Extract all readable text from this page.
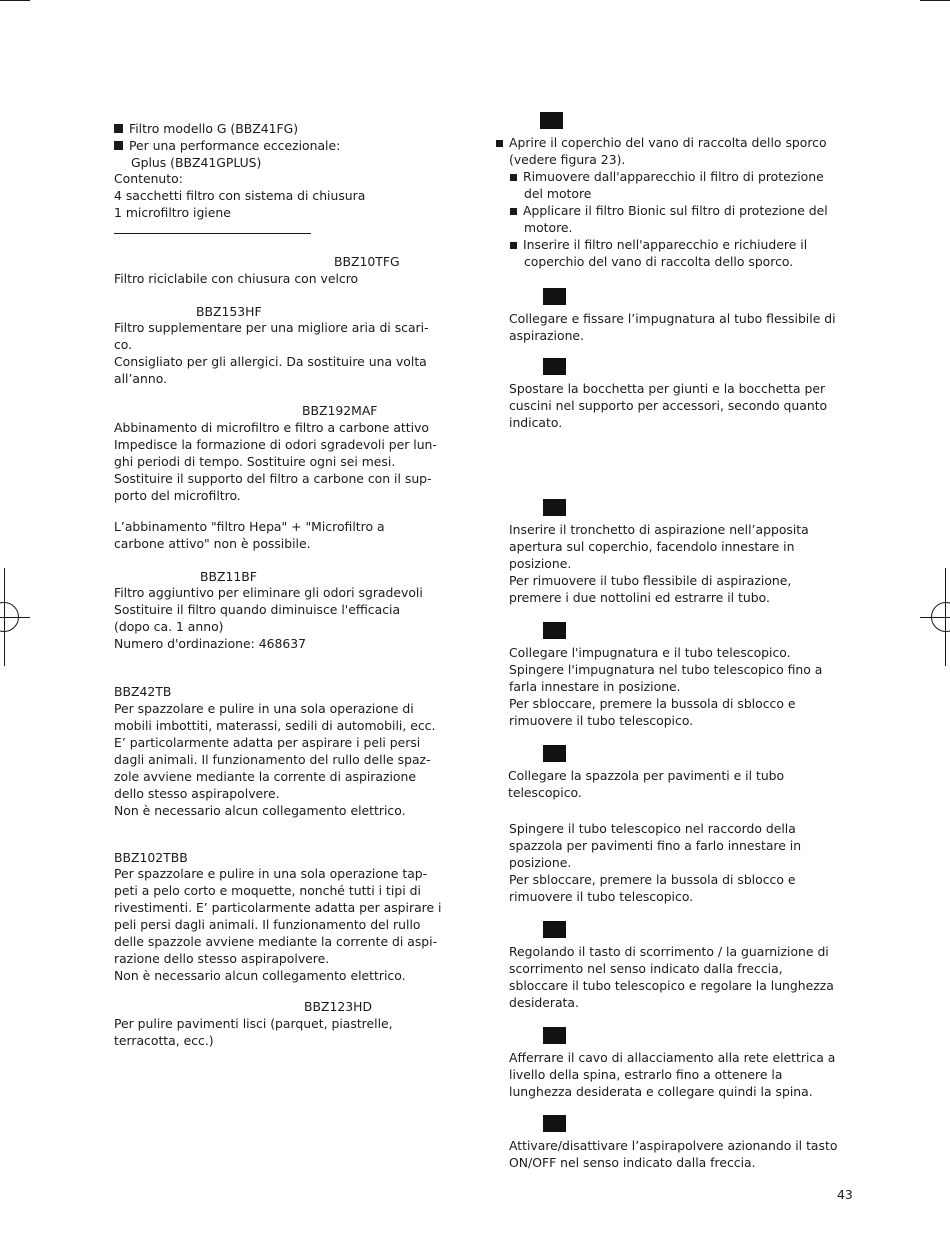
Filtro modello G (BBZ41FG)
Per una performance eccezionale:
Gplus (BBZ41GPLUS)
Contenuto:
4 sacchetti filtro con sistema di chiusura
1 microfiltro igiene
BBZ10TFG
Filtro riciclabile con chiusura con velcro
BBZ153HF
Filtro supplementare per una migliore aria di scari-
co.
Consigliato per gli allergici. Da sostituire una volta
all’anno.
BBZ192MAF
Abbinamento di microfiltro e filtro a carbone attivo
Impedisce la formazione di odori sgradevoli per lun-
ghi periodi di tempo. Sostituire ogni sei mesi.
Sostituire il supporto del filtro a carbone con il sup-
porto del microfiltro.
L’abbinamento "filtro Hepa" + "Microfiltro a
carbone attivo" non è possibile.
BBZ11BF
Filtro aggiuntivo per eliminare gli odori sgradevoli
Sostituire il filtro quando diminuisce l'efficacia
(dopo ca. 1 anno)
Numero d'ordinazione: 468637
BBZ42TB
Per spazzolare e pulire in una sola operazione di
mobili imbottiti, materassi, sedili di automobili, ecc.
E’ particolarmente adatta per aspirare i peli persi
dagli animali. Il funzionamento del rullo delle spaz-
zole avviene mediante la corrente di aspirazione
dello stesso aspirapolvere.
Non è necessario alcun collegamento elettrico.
BBZ102TBB
Per spazzolare e pulire in una sola operazione tap-
peti a pelo corto e moquette, nonché tutti i tipi di
rivestimenti. E’ particolarmente adatta per aspirare i
peli persi dagli animali. Il funzionamento del rullo
delle spazzole avviene mediante la corrente di aspi-
razione dello stesso aspirapolvere.
Non è necessario alcun collegamento elettrico.
BBZ123HD
Per pulire pavimenti lisci (parquet, piastrelle,
terracotta, ecc.)
Aprire il coperchio del vano di raccolta dello sporco
(vedere figura 23).
Rimuovere dall'apparecchio il filtro di protezione
del motore
Applicare il filtro Bionic sul filtro di protezione del
motore.
Inserire il filtro nell'apparecchio e richiudere il
coperchio del vano di raccolta dello sporco.
Collegare e fissare l’impugnatura al tubo flessibile di
aspirazione.
Spostare la bocchetta per giunti e la bocchetta per
cuscini nel supporto per accessori, secondo quanto
indicato.
Inserire il tronchetto di aspirazione nell’apposita
apertura sul coperchio, facendolo innestare in
posizione.
Per rimuovere il tubo flessibile di aspirazione,
premere i due nottolini ed estrarre il tubo.
Collegare l'impugnatura e il tubo telescopico.
Spingere l'impugnatura nel tubo telescopico fino a
farla innestare in posizione.
Per sbloccare, premere la bussola di sblocco e
rimuovere il tubo telescopico.
Collegare la spazzola per pavimenti e il tubo
telescopico.
Spingere il tubo telescopico nel raccordo della
spazzola per pavimenti fino a farlo innestare in
posizione.
Per sbloccare, premere la bussola di sblocco e
rimuovere il tubo telescopico.
Regolando il tasto di scorrimento / la guarnizione di
scorrimento nel senso indicato dalla freccia,
sbloccare il tubo telescopico e regolare la lunghezza
desiderata.
Afferrare il cavo di allacciamento alla rete elettrica a
livello della spina, estrarlo fino a ottenere la
lunghezza desiderata e collegare quindi la spina.
Attivare/disattivare l’aspirapolvere azionando il tasto
ON/OFF nel senso indicato dalla freccia.
43
